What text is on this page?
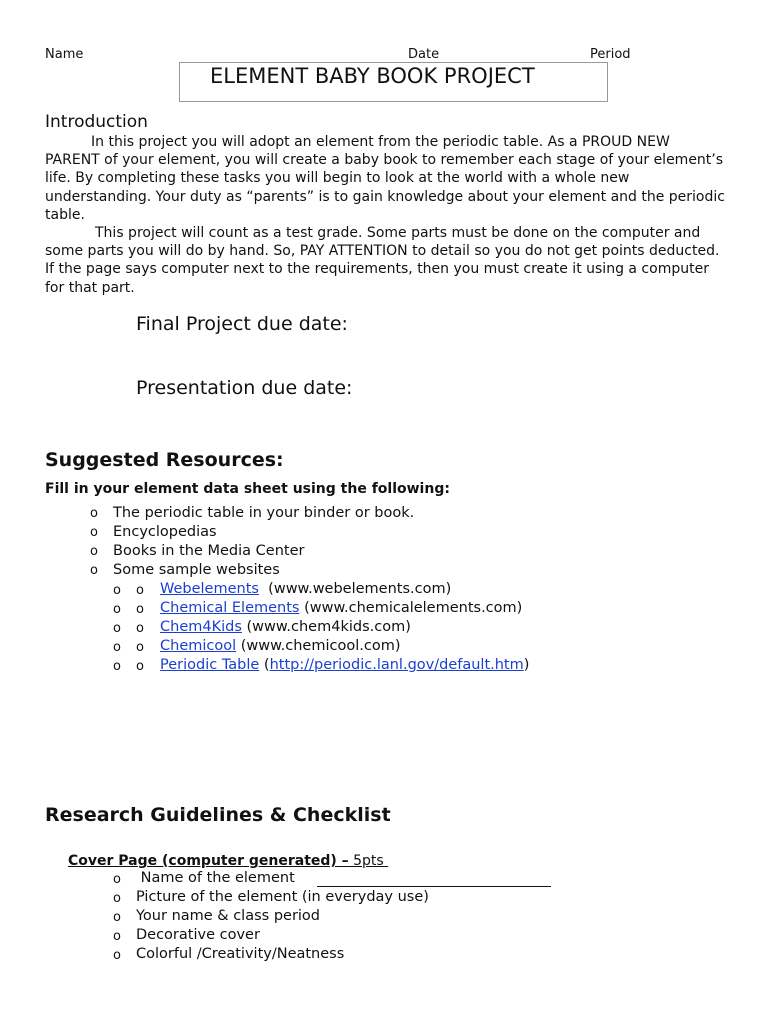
Name	Date	Period
ELEMENT BABY BOOK PROJECT
Introduction
In this project you will adopt an element from the periodic table. As a PROUD NEW PARENT of your element, you will create a baby book to remember each stage of your element’s life. By completing these tasks you will begin to look at the world with a whole new understanding. Your duty as “parents” is to gain knowledge about your element and the periodic table.
This project will count as a test grade. Some parts must be done on the computer and some parts you will do by hand. So, PAY ATTENTION to detail so you do not get points deducted. If the page says computer next to the requirements, then you must create it using a computer for that part.
Final Project due date:
Presentation due date:
Suggested Resources:
Fill in your element data sheet using the following:
o The periodic table in your binder or book.
o Encyclopedias
o Books in the Media Center
o Some sample websites
o o Webelements  (www.webelements.com)
o o Chemical Elements (www.chemicalelements.com)
o o Chem4Kids (www.chem4kids.com)
o o Chemicool (www.chemicool.com)
o o Periodic Table (http://periodic.lanl.gov/default.htm)
Research Guidelines & Checklist
Cover Page (computer generated) – 5pts
o Name of the element
o Picture of the element (in everyday use)
o Your name & class period
o Decorative cover
o Colorful /Creativity/Neatness
